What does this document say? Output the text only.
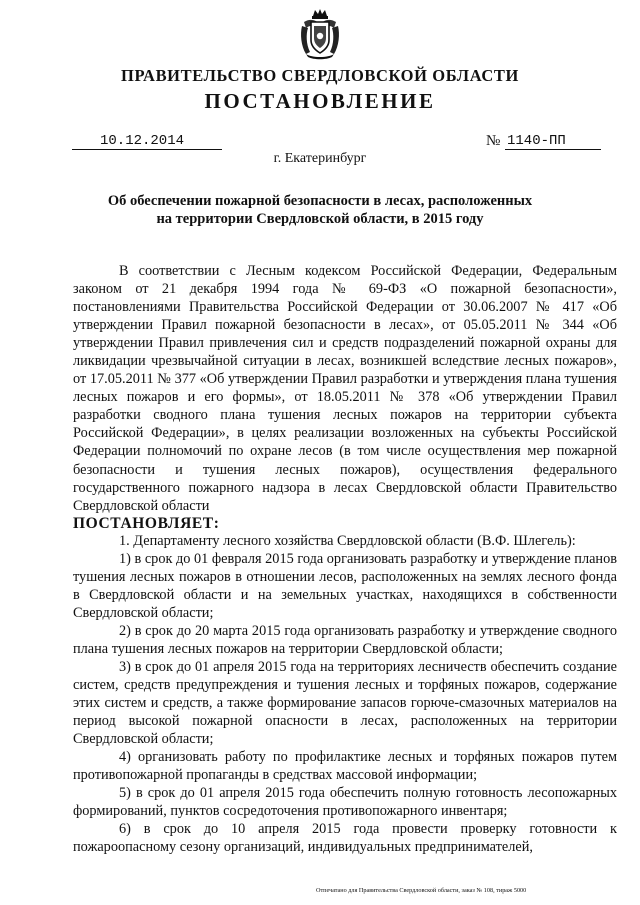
ПРАВИТЕЛЬСТВО СВЕРДЛОВСКОЙ ОБЛАСТИ
ПОСТАНОВЛЕНИЕ
10.12.2014	№ 1140-ПП
г. Екатеринбург
Об обеспечении пожарной безопасности в лесах, расположенных
на территории Свердловской области, в 2015 году

В соответствии с Лесным кодексом Российской Федерации, Федеральным законом от 21 декабря 1994 года № 69-ФЗ «О пожарной безопасности», постановлениями Правительства Российской Федерации от 30.06.2007 № 417 «Об утверждении Правил пожарной безопасности в лесах», от 05.05.2011 № 344 «Об утверждении Правил привлечения сил и средств подразделений пожарной охраны для ликвидации чрезвычайной ситуации в лесах, возникшей вследствие лесных пожаров», от 17.05.2011 № 377 «Об утверждении Правил разработки и утверждения плана тушения лесных пожаров и его формы», от 18.05.2011 № 378 «Об утверждении Правил разработки сводного плана тушения лесных пожаров на территории субъекта Российской Федерации», в целях реализации возложенных на субъекты Российской Федерации полномочий по охране лесов (в том числе осуществления мер пожарной безопасности и тушения лесных пожаров), осуществления федерального государственного пожарного надзора в лесах Свердловской области Правительство Свердловской области

ПОСТАНОВЛЯЕТ:

1. Департаменту лесного хозяйства Свердловской области (В.Ф. Шлегель):

1) в срок до 01 февраля 2015 года организовать разработку и утверждение планов тушения лесных пожаров в отношении лесов, расположенных на землях лесного фонда в Свердловской области и на земельных участках, находящихся в собственности Свердловской области;

2) в срок до 20 марта 2015 года организовать разработку и утверждение сводного плана тушения лесных пожаров на территории Свердловской области;

3) в срок до 01 апреля 2015 года на территориях лесничеств обеспечить создание систем, средств предупреждения и тушения лесных и торфяных пожаров, содержание этих систем и средств, а также формирование запасов горюче-смазочных материалов на период высокой пожарной опасности в лесах, расположенных на территории Свердловской области;

4) организовать работу по профилактике лесных и торфяных пожаров путем противопожарной пропаганды в средствах массовой информации;

5) в срок до 01 апреля 2015 года обеспечить полную готовность лесопожарных формирований, пунктов сосредоточения противопожарного инвентаря;

6) в срок до 10 апреля 2015 года провести проверку готовности к пожароопасному сезону организаций, индивидуальных предпринимателей,

Отпечатано для Правительства Свердловской области, заказ № 108, тираж 5000
